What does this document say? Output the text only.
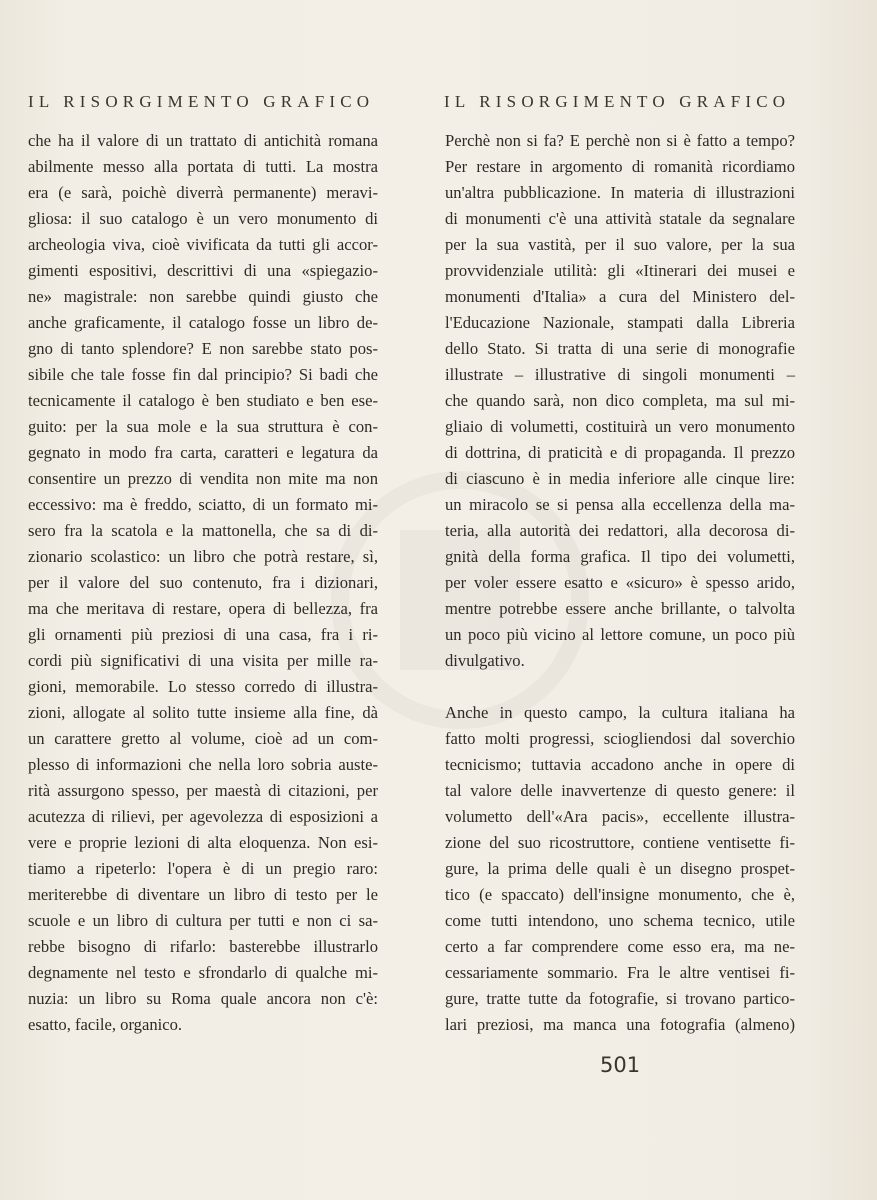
IL RISORGIMENTO GRAFICO	IL RISORGIMENTO GRAFICO
che ha il valore di un trattato di antichità romana
abilmente messo alla portata di tutti. La mostra
era (e sarà, poichè diverrà permanente) meravi-
gliosa: il suo catalogo è un vero monumento di
archeologia viva, cioè vivificata da tutti gli accor-
gimenti espositivi, descrittivi di una «spiegazio-
ne» magistrale: non sarebbe quindi giusto che
anche graficamente, il catalogo fosse un libro de-
gno di tanto splendore? E non sarebbe stato pos-
sibile che tale fosse fin dal principio? Si badi che
tecnicamente il catalogo è ben studiato e ben ese-
guito: per la sua mole e la sua struttura è con-
gegnato in modo fra carta, caratteri e legatura da
consentire un prezzo di vendita non mite ma non
eccessivo: ma è freddo, sciatto, di un formato mi-
sero fra la scatola e la mattonella, che sa di di-
zionario scolastico: un libro che potrà restare, sì,
per il valore del suo contenuto, fra i dizionari,
ma che meritava di restare, opera di bellezza, fra
gli ornamenti più preziosi di una casa, fra i ri-
cordi più significativi di una visita per mille ra-
gioni, memorabile. Lo stesso corredo di illustra-
zioni, allogate al solito tutte insieme alla fine, dà
un carattere gretto al volume, cioè ad un com-
plesso di informazioni che nella loro sobria auste-
rità assurgono spesso, per maestà di citazioni, per
acutezza di rilievi, per agevolezza di esposizioni a
vere e proprie lezioni di alta eloquenza. Non esi-
tiamo a ripeterlo: l'opera è di un pregio raro:
meriterebbe di diventare un libro di testo per le
scuole e un libro di cultura per tutti e non ci sa-
rebbe bisogno di rifarlo: basterebbe illustrarlo
degnamente nel testo e sfrondarlo di qualche mi-
nuzia: un libro su Roma quale ancora non c'è:
esatto, facile, organico.
Perchè non si fa? E perchè non si è fatto a tempo?
Per restare in argomento di romanità ricordiamo
un'altra pubblicazione. In materia di illustrazioni
di monumenti c'è una attività statale da segnalare
per la sua vastità, per il suo valore, per la sua
provvidenziale utilità: gli «Itinerari dei musei e
monumenti d'Italia» a cura del Ministero del-
l'Educazione Nazionale, stampati dalla Libreria
dello Stato. Si tratta di una serie di monografie
illustrate – illustrative di singoli monumenti –
che quando sarà, non dico completa, ma sul mi-
gliaio di volumetti, costituirà un vero monumento
di dottrina, di praticità e di propaganda. Il prezzo
di ciascuno è in media inferiore alle cinque lire:
un miracolo se si pensa alla eccellenza della ma-
teria, alla autorità dei redattori, alla decorosa di-
gnità della forma grafica. Il tipo dei volumetti,
per voler essere esatto e «sicuro» è spesso arido,
mentre potrebbe essere anche brillante, o talvolta
un poco più vicino al lettore comune, un poco più
divulgativo.
Anche in questo campo, la cultura italiana ha
fatto molti progressi, sciogliendosi dal soverchio
tecnicismo; tuttavia accadono anche in opere di
tal valore delle inavvertenze di questo genere: il
volumetto dell'«Ara pacis», eccellente illustra-
zione del suo ricostruttore, contiene ventisette fi-
gure, la prima delle quali è un disegno prospet-
tico (e spaccato) dell'insigne monumento, che è,
come tutti intendono, uno schema tecnico, utile
certo a far comprendere come esso era, ma ne-
cessariamente sommario. Fra le altre ventisei fi-
gure, tratte tutte da fotografie, si trovano partico-
lari preziosi, ma manca una fotografia (almeno)
501
